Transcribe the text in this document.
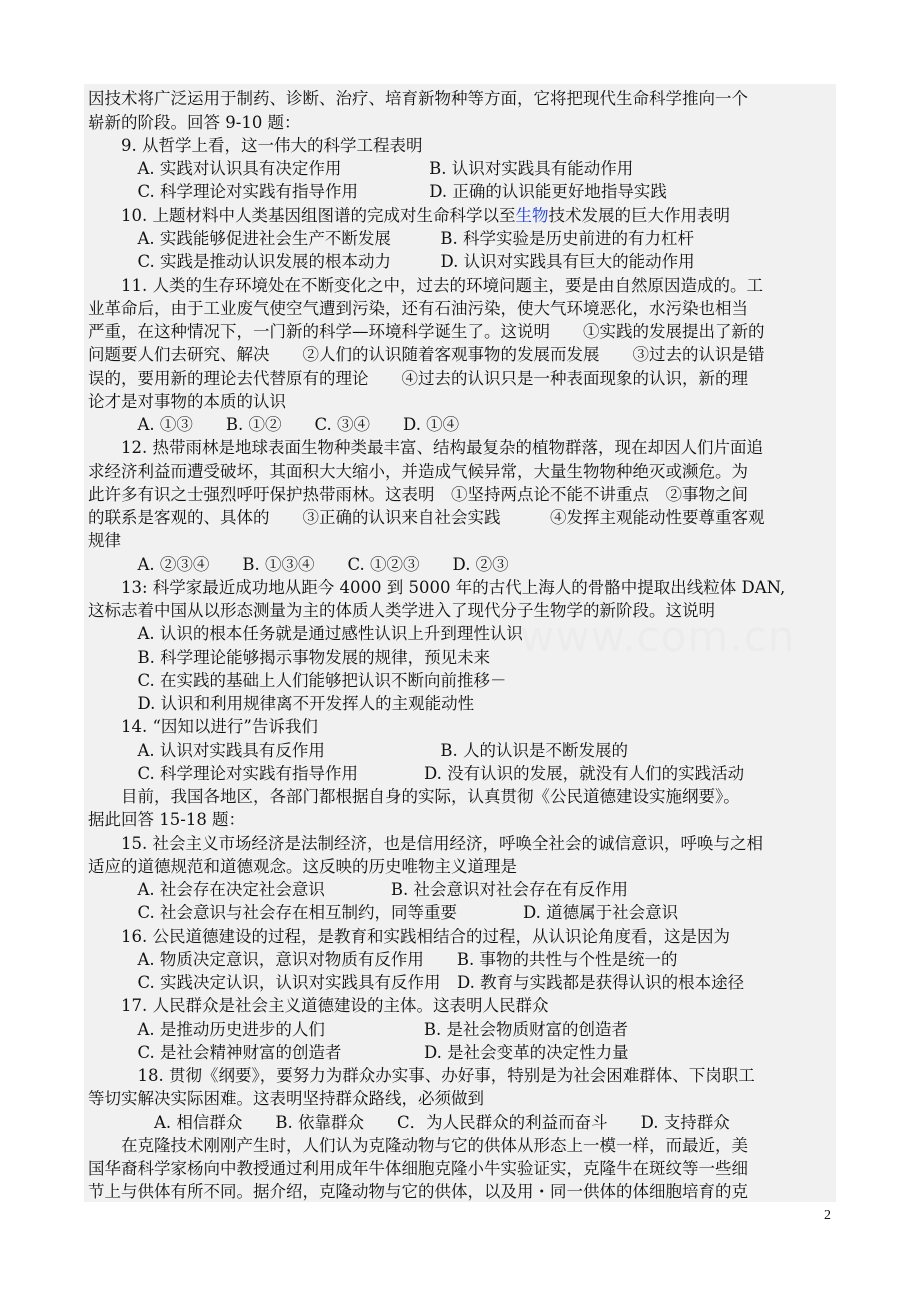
www.com.cn
因技术将广泛运用于制药、诊断、治疗、培育新物种等方面，它将把现代生命科学推向一个
崭新的阶段。回答 9-10 题：
　　9. 从哲学上看，这一伟大的科学工程表明
　　　A. 实践对认识具有决定作用　　　　　 B. 认识对实践具有能动作用
　　　C. 科学理论对实践有指导作用　　　　 D. 正确的认识能更好地指导实践
　　10. 上题材料中人类基因组图谱的完成对生命科学以至生物技术发展的巨大作用表明
　　　A. 实践能够促进社会生产不断发展　　　B. 科学实验是历史前进的有力杠杆
　　　C. 实践是推动认识发展的根本动力　　　D. 认识对实践具有巨大的能动作用
　　11. 人类的生存环境处在不断变化之中，过去的环境问题主，要是由自然原因造成的。工
业革命后，由于工业废气使空气遭到污染，还有石油污染，使大气环境恶化，水污染也相当
严重，在这种情况下，一门新的科学—环境科学诞生了。这说明　　①实践的发展提出了新的
问题要人们去研究、解决　　②人们的认识随着客观事物的发展而发展　　③过去的认识是错
误的，要用新的理论去代替原有的理论　　④过去的认识只是一种表面现象的认识，新的理
论才是对事物的本质的认识
　　　A. ①③　　B. ①②　　C. ③④　　D. ①④
　　12. 热带雨林是地球表面生物种类最丰富、结构最复杂的植物群落，现在却因人们片面追
求经济利益而遭受破坏，其面积大大缩小，并造成气候异常，大量生物物种绝灭或濒危。为
此许多有识之士强烈呼吁保护热带雨林。这表明　①坚持两点论不能不讲重点　②事物之间
的联系是客观的、具体的　　③正确的认识来自社会实践　　　④发挥主观能动性要尊重客观
规律
　　　A. ②③④　　B. ①③④　　C. ①②③　　D. ②③
　　13: 科学家最近成功地从距今 4000 到 5000 年的古代上海人的骨骼中提取出线粒体 DAN,
这标志着中国从以形态测量为主的体质人类学进入了现代分子生物学的新阶段。这说明
　　　A. 认识的根本任务就是通过感性认识上升到理性认识
　　　B. 科学理论能够揭示事物发展的规律，预见未来
　　　C. 在实践的基础上人们能够把认识不断向前推移－
　　　D. 认识和利用规律离不开发挥人的主观能动性
　　14. “因知以进行”告诉我们
　　　A. 认识对实践具有反作用　　　　　　　B. 人的认识是不断发展的
　　　C. 科学理论对实践有指导作用　　　　D. 没有认识的发展，就没有人们的实践活动
　　目前，我国各地区，各部门都根据自身的实际，认真贯彻《公民道德建设实施纲要》。
据此回答 15-18 题：
　　15. 社会主义市场经济是法制经济，也是信用经济，呼唤全社会的诚信意识，呼唤与之相
适应的道德规范和道德观念。这反映的历史唯物主义道理是
　　　A. 社会存在决定社会意识　　　　B. 社会意识对社会存在有反作用
　　　C. 社会意识与社会存在相互制约，同等重要　　　　D. 道德属于社会意识
　　16. 公民道德建设的过程，是教育和实践相结合的过程，从认识论角度看，这是因为
　　　A. 物质决定意识，意识对物质有反作用　　B. 事物的共性与个性是统一的
　　　C. 实践决定认识，认识对实践具有反作用　D. 教育与实践都是获得认识的根本途径
　　17. 人民群众是社会主义道德建设的主体。这表明人民群众
　　　A. 是推动历史进步的人们　　　　　　B. 是社会物质财富的创造者
　　　C. 是社会精神财富的创造者　　　　　D. 是社会变革的决定性力量
　　　18. 贯彻《纲要》，要努力为群众办实事、办好事，特别是为社会困难群体、下岗职工
等切实解决实际困难。这表明坚持群众路线，必须做到
　　　　A. 相信群众　　B. 依靠群众　　C．为人民群众的利益而奋斗　　D. 支持群众
　　在克隆技术刚刚产生时，人们认为克隆动物与它的供体从形态上一模一样，而最近，美
国华裔科学家杨向中教授通过利用成年牛体细胞克隆小牛实验证实，克隆牛在斑纹等一些细
节上与供体有所不同。据介绍，克隆动物与它的供体，以及用・同一供体的体细胞培育的克
2
